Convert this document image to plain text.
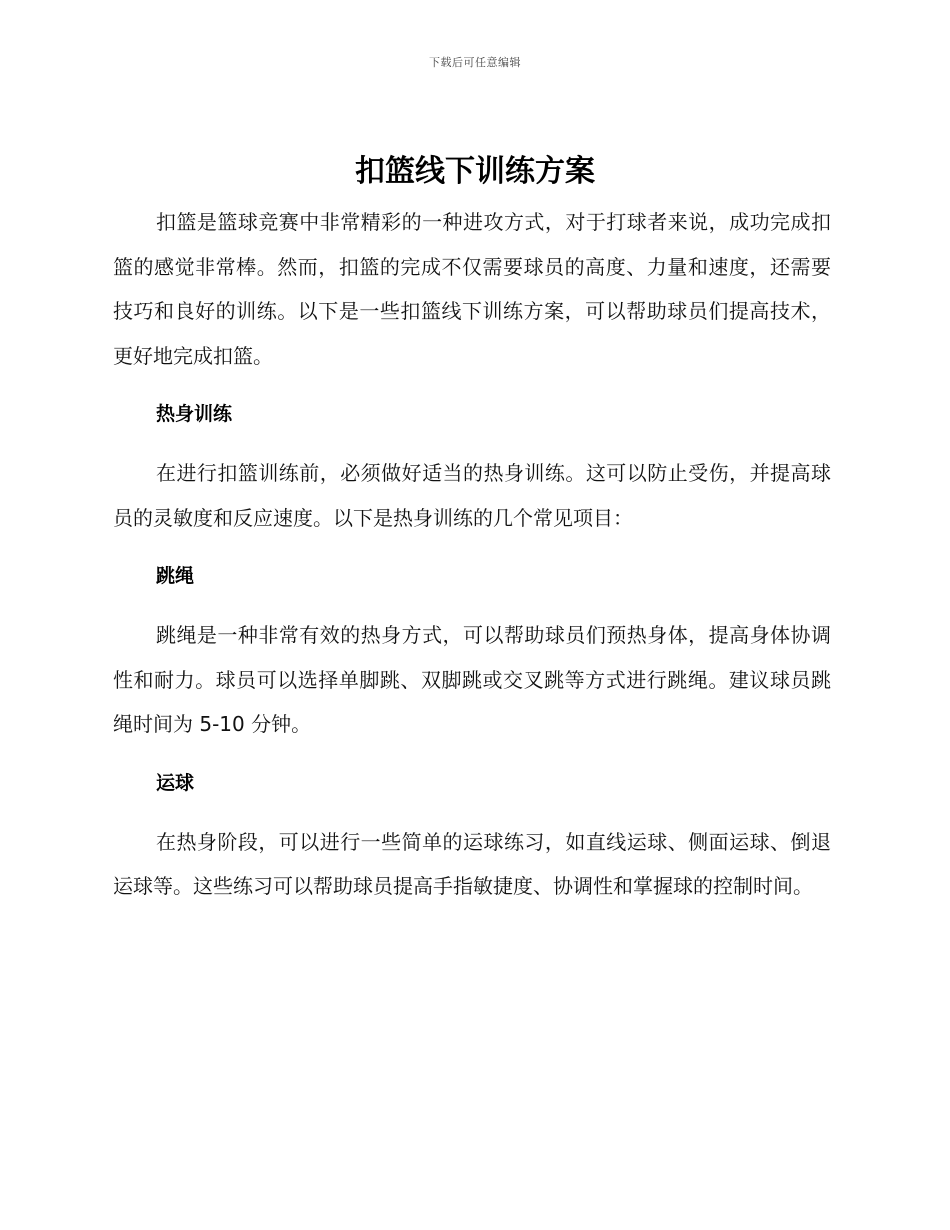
下载后可任意编辑
扣篮线下训练方案

扣篮是篮球竞赛中非常精彩的一种进攻方式，对于打球者来说，成功完成扣篮的感觉非常棒。然而，扣篮的完成不仅需要球员的高度、力量和速度，还需要技巧和良好的训练。以下是一些扣篮线下训练方案，可以帮助球员们提高技术，更好地完成扣篮。

热身训练

在进行扣篮训练前，必须做好适当的热身训练。这可以防止受伤，并提高球员的灵敏度和反应速度。以下是热身训练的几个常见项目：

跳绳

跳绳是一种非常有效的热身方式，可以帮助球员们预热身体，提高身体协调性和耐力。球员可以选择单脚跳、双脚跳或交叉跳等方式进行跳绳。建议球员跳绳时间为 5-10 分钟。

运球

在热身阶段，可以进行一些简单的运球练习，如直线运球、侧面运球、倒退运球等。这些练习可以帮助球员提高手指敏捷度、协调性和掌握球的控制时间。
